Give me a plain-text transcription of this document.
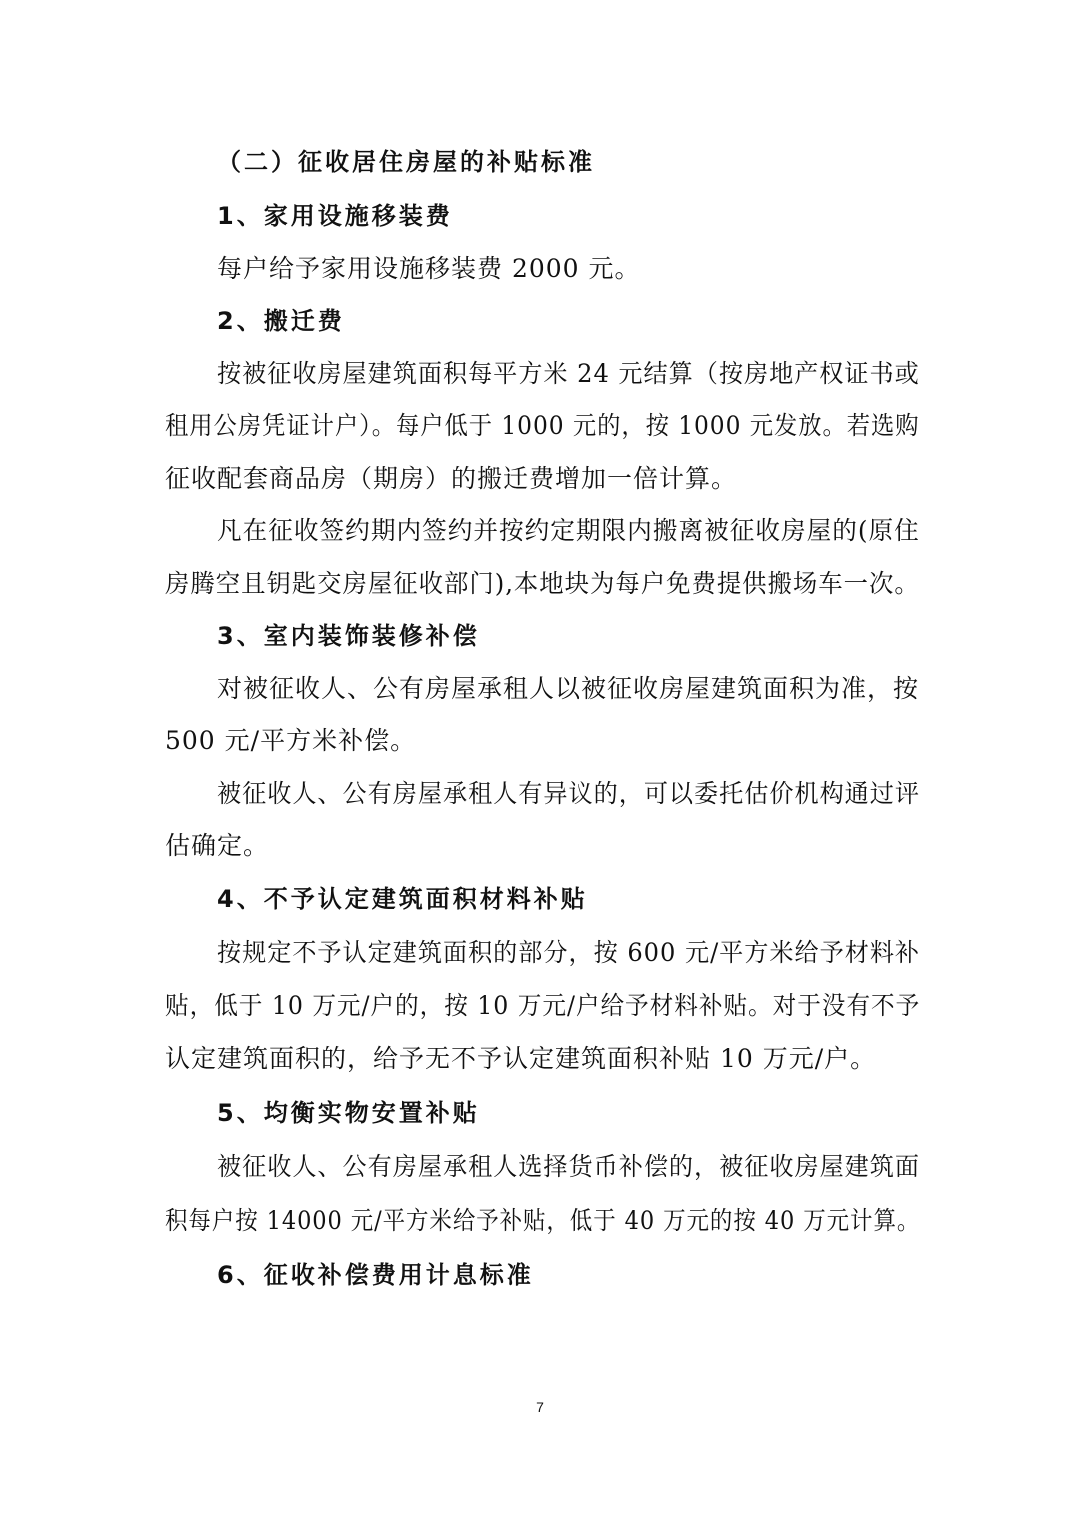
（二）征收居住房屋的补贴标准
1、家用设施移装费
每户给予家用设施移装费 2000 元。
2、搬迁费
按被征收房屋建筑面积每平方米 24 元结算（按房地产权证书或
租用公房凭证计户）。每户低于 1000 元的，按 1000 元发放。若选购
征收配套商品房（期房）的搬迁费增加一倍计算。
凡在征收签约期内签约并按约定期限内搬离被征收房屋的(原住
房腾空且钥匙交房屋征收部门),本地块为每户免费提供搬场车一次。
3、室内装饰装修补偿
对被征收人、公有房屋承租人以被征收房屋建筑面积为准，按
500 元/平方米补偿。
被征收人、公有房屋承租人有异议的，可以委托估价机构通过评
估确定。
4、不予认定建筑面积材料补贴
按规定不予认定建筑面积的部分，按 600 元/平方米给予材料补
贴，低于 10 万元/户的，按 10 万元/户给予材料补贴。对于没有不予
认定建筑面积的，给予无不予认定建筑面积补贴 10 万元/户。
5、均衡实物安置补贴
被征收人、公有房屋承租人选择货币补偿的，被征收房屋建筑面
积每户按 14000 元/平方米给予补贴，低于 40 万元的按 40 万元计算。
6、征收补偿费用计息标准
7
